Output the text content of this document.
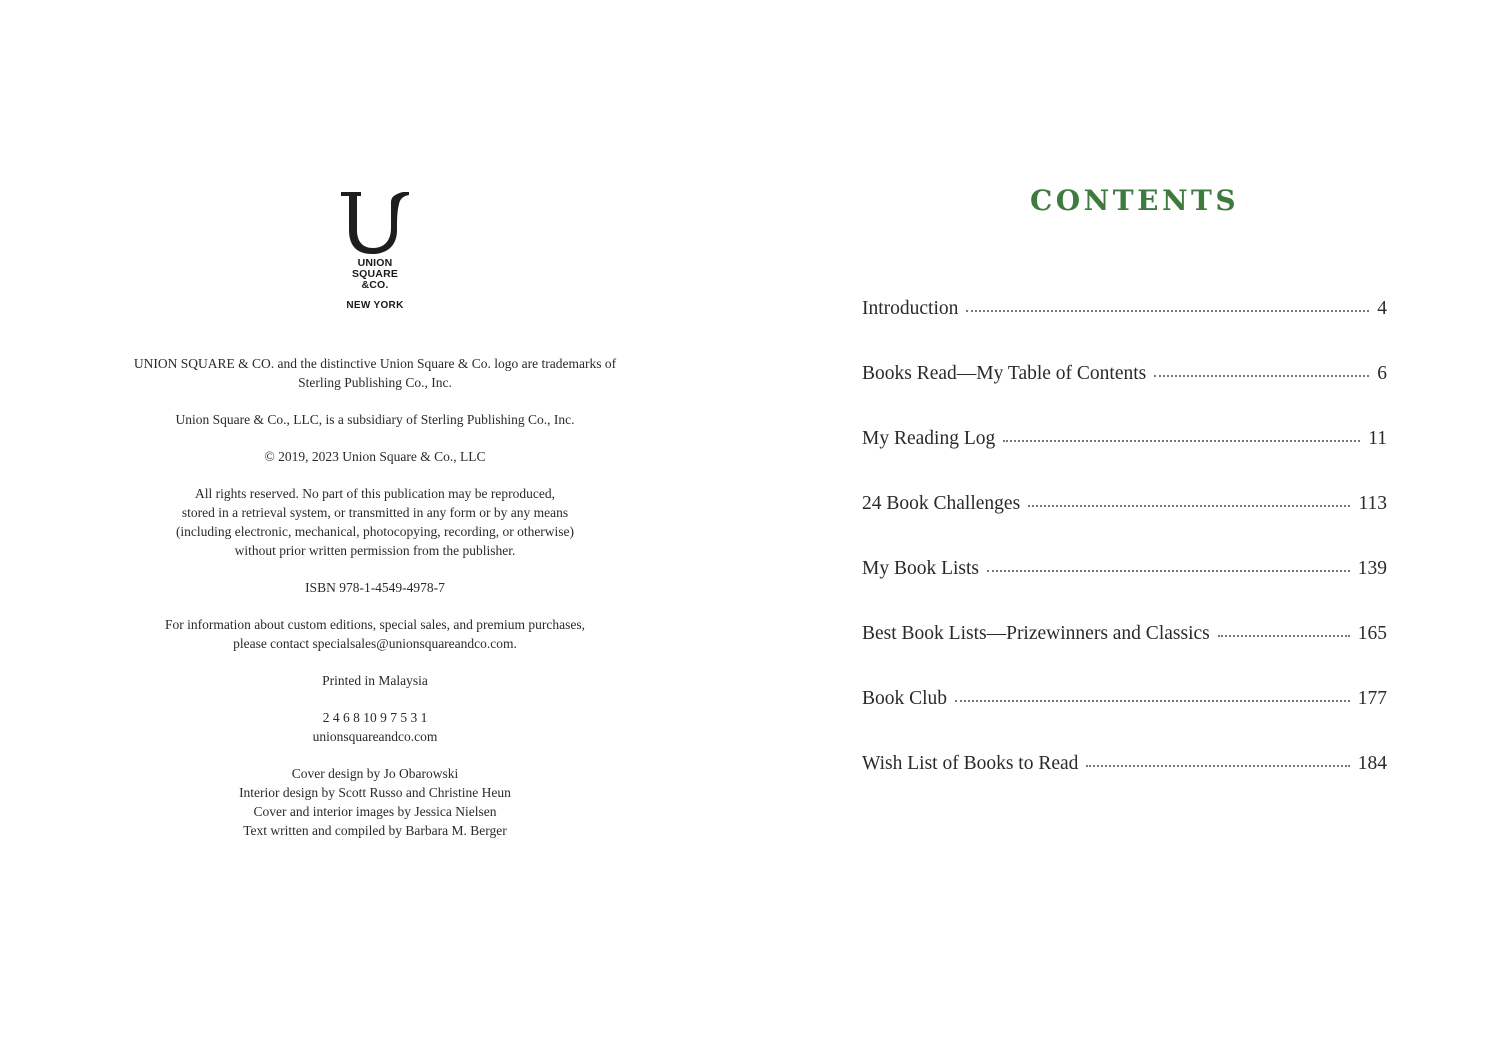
UNION
SQUARE
&CO.
NEW YORK
UNION SQUARE & CO. and the distinctive Union Square & Co. logo are trademarks of
Sterling Publishing Co., Inc.
Union Square & Co., LLC, is a subsidiary of Sterling Publishing Co., Inc.
© 2019, 2023 Union Square & Co., LLC
All rights reserved. No part of this publication may be reproduced,
stored in a retrieval system, or transmitted in any form or by any means
(including electronic, mechanical, photocopying, recording, or otherwise)
without prior written permission from the publisher.
ISBN 978-1-4549-4978-7
For information about custom editions, special sales, and premium purchases,
please contact specialsales@unionsquareandco.com.
Printed in Malaysia
2 4 6 8 10 9 7 5 3 1
unionsquareandco.com
Cover design by Jo Obarowski
Interior design by Scott Russo and Christine Heun
Cover and interior images by Jessica Nielsen
Text written and compiled by Barbara M. Berger
CONTENTS
Introduction	4
Books Read—My Table of Contents	6
My Reading Log	11
24 Book Challenges	113
My Book Lists	139
Best Book Lists—Prizewinners and Classics	165
Book Club	177
Wish List of Books to Read	184
